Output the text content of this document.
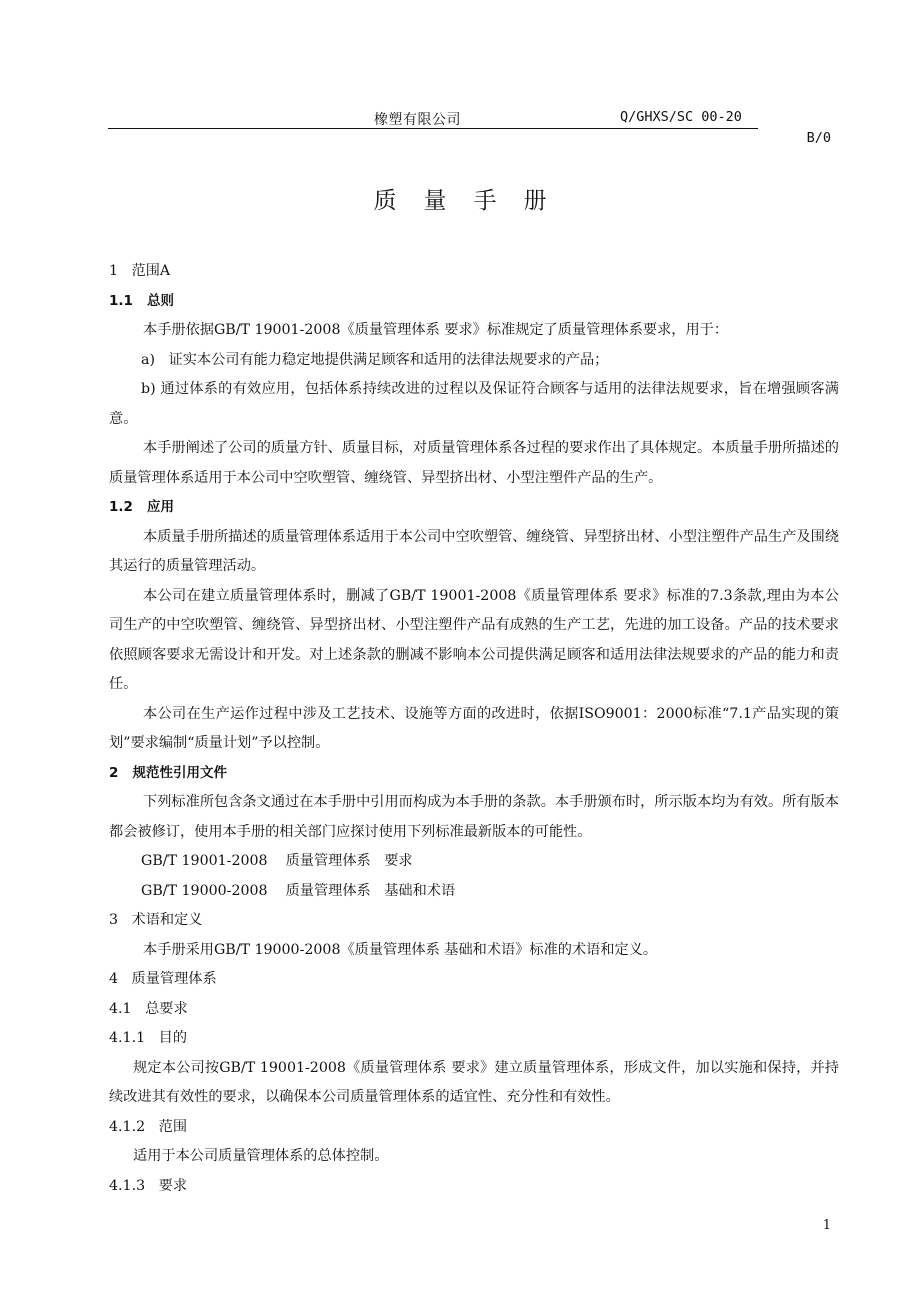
橡塑有限公司	Q/GHXS/SC 00-20
B/0
质量手册

1   范围A

1.1   总则

本手册依据GB/T 19001-2008《质量管理体系 要求》标准规定了质量管理体系要求，用于：

a)   证实本公司有能力稳定地提供满足顾客和适用的法律法规要求的产品；

b) 通过体系的有效应用，包括体系持续改进的过程以及保证符合顾客与适用的法律法规要求，旨在增强顾客满意。

本手册阐述了公司的质量方针、质量目标，对质量管理体系各过程的要求作出了具体规定。本质量手册所描述的质量管理体系适用于本公司中空吹塑管、缠绕管、异型挤出材、小型注塑件产品的生产。

1.2   应用

本质量手册所描述的质量管理体系适用于本公司中空吹塑管、缠绕管、异型挤出材、小型注塑件产品生产及围绕其运行的质量管理活动。

本公司在建立质量管理体系时，删减了GB/T 19001-2008《质量管理体系 要求》标准的7.3条款,理由为本公司生产的中空吹塑管、缠绕管、异型挤出材、小型注塑件产品有成熟的生产工艺，先进的加工设备。产品的技术要求依照顾客要求无需设计和开发。对上述条款的删减不影响本公司提供满足顾客和适用法律法规要求的产品的能力和责任。

本公司在生产运作过程中涉及工艺技术、设施等方面的改进时，依据ISO9001：2000标准“7.1产品实现的策划”要求编制“质量计划”予以控制。

2   规范性引用文件

下列标准所包含条文通过在本手册中引用而构成为本手册的条款。本手册颁布时，所示版本均为有效。所有版本都会被修订，使用本手册的相关部门应探讨使用下列标准最新版本的可能性。

GB/T 19001-2008    质量管理体系   要求

GB/T 19000-2008    质量管理体系   基础和术语

3   术语和定义

本手册采用GB/T 19000-2008《质量管理体系 基础和术语》标准的术语和定义。

4   质量管理体系

4.1   总要求

4.1.1   目的

规定本公司按GB/T 19001-2008《质量管理体系 要求》建立质量管理体系，形成文件，加以实施和保持，并持续改进其有效性的要求，以确保本公司质量管理体系的适宜性、充分性和有效性。

4.1.2   范围

适用于本公司质量管理体系的总体控制。

4.1.3   要求

1
